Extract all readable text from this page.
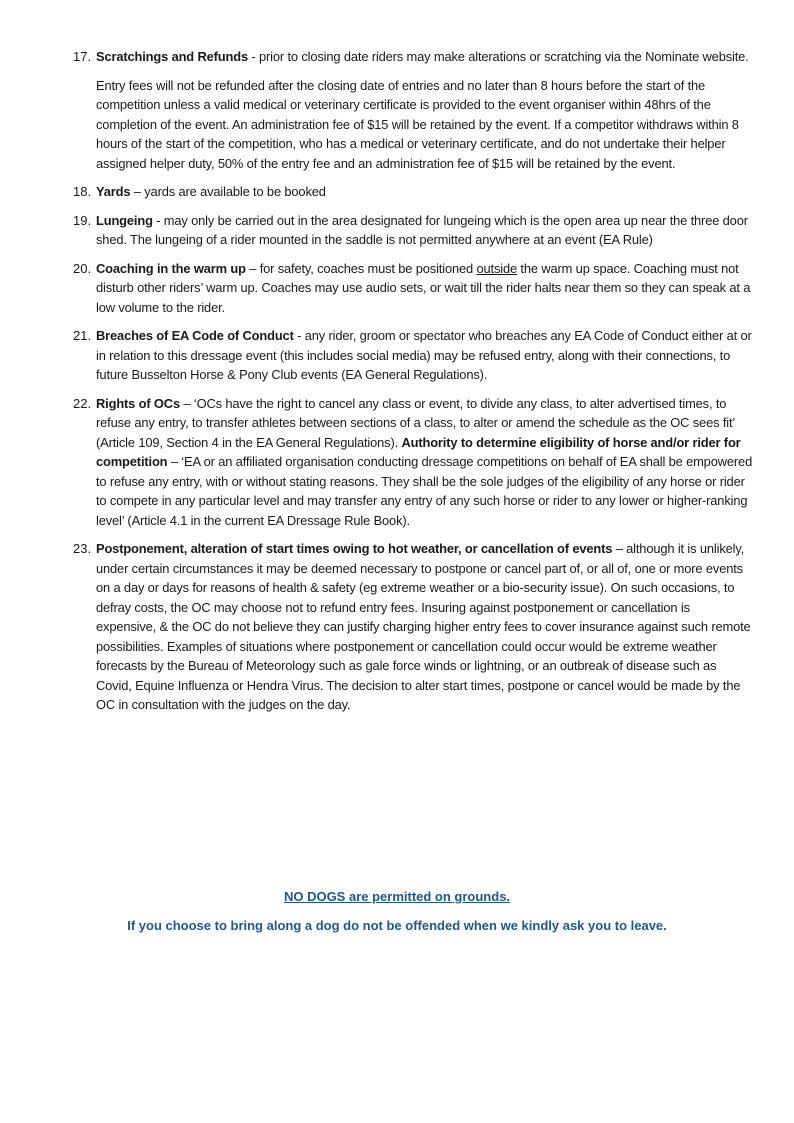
17. Scratchings and Refunds - prior to closing date riders may make alterations or scratching via the Nominate website.

Entry fees will not be refunded after the closing date of entries and no later than 8 hours before the start of the competition unless a valid medical or veterinary certificate is provided to the event organiser within 48hrs of the completion of the event. An administration fee of $15 will be retained by the event. If a competitor withdraws within 8 hours of the start of the competition, who has a medical or veterinary certificate, and do not undertake their helper assigned helper duty, 50% of the entry fee and an administration fee of $15 will be retained by the event.

18. Yards – yards are available to be booked

19. Lungeing - may only be carried out in the area designated for lungeing which is the open area up near the three door shed. The lungeing of a rider mounted in the saddle is not permitted anywhere at an event (EA Rule)

20. Coaching in the warm up – for safety, coaches must be positioned outside the warm up space. Coaching must not disturb other riders’ warm up. Coaches may use audio sets, or wait till the rider halts near them so they can speak at a low volume to the rider.

21. Breaches of EA Code of Conduct - any rider, groom or spectator who breaches any EA Code of Conduct either at or in relation to this dressage event (this includes social media) may be refused entry, along with their connections, to future Busselton Horse & Pony Club events (EA General Regulations).

22. Rights of OCs – ‘OCs have the right to cancel any class or event, to divide any class, to alter advertised times, to refuse any entry, to transfer athletes between sections of a class, to alter or amend the schedule as the OC sees fit’ (Article 109, Section 4 in the EA General Regulations). Authority to determine eligibility of horse and/or rider for competition – ‘EA or an affiliated organisation conducting dressage competitions on behalf of EA shall be empowered to refuse any entry, with or without stating reasons. They shall be the sole judges of the eligibility of any horse or rider to compete in any particular level and may transfer any entry of any such horse or rider to any lower or higher-ranking level’ (Article 4.1 in the current EA Dressage Rule Book).

23. Postponement, alteration of start times owing to hot weather, or cancellation of events – although it is unlikely, under certain circumstances it may be deemed necessary to postpone or cancel part of, or all of, one or more events on a day or days for reasons of health & safety (eg extreme weather or a bio-security issue). On such occasions, to defray costs, the OC may choose not to refund entry fees. Insuring against postponement or cancellation is expensive, & the OC do not believe they can justify charging higher entry fees to cover insurance against such remote possibilities. Examples of situations where postponement or cancellation could occur would be extreme weather forecasts by the Bureau of Meteorology such as gale force winds or lightning, or an outbreak of disease such as Covid, Equine Influenza or Hendra Virus. The decision to alter start times, postpone or cancel would be made by the OC in consultation with the judges on the day.

NO DOGS are permitted on grounds.
If you choose to bring along a dog do not be offended when we kindly ask you to leave.
